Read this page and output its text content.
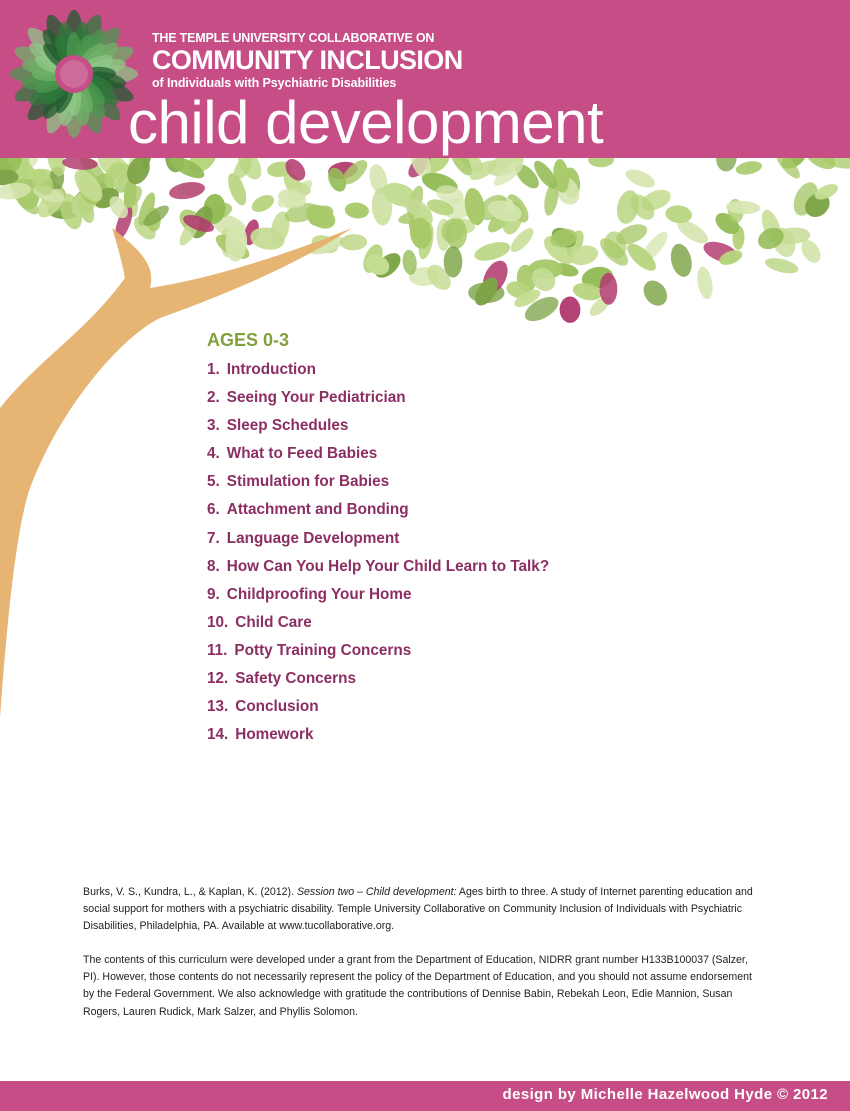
THE TEMPLE UNIVERSITY COLLABORATIVE ON
COMMUNITY INCLUSION
of Individuals with Psychiatric Disabilities
child development
AGES 0-3
1. Introduction
2. Seeing Your Pediatrician
3. Sleep Schedules
4. What to Feed Babies
5. Stimulation for Babies
6. Attachment and Bonding
7. Language Development
8. How Can You Help Your Child Learn to Talk?
9. Childproofing Your Home
10. Child Care
11. Potty Training Concerns
12. Safety Concerns
13. Conclusion
14. Homework

Burks, V. S., Kundra, L., & Kaplan, K. (2012). Session two – Child development: Ages birth to three. A study of Internet parenting education and social support for mothers with a psychiatric disability. Temple University Collaborative on Community Inclusion of Individuals with Psychiatric Disabilities, Philadelphia, PA. Available at www.tucollaborative.org.

The contents of this curriculum were developed under a grant from the Department of Education, NIDRR grant number H133B100037 (Salzer, PI). However, those contents do not necessarily represent the policy of the Department of Education, and you should not assume endorsement by the Federal Government. We also acknowledge with gratitude the contributions of Dennise Babin, Rebekah Leon, Edie Mannion, Susan Rogers, Lauren Rudick, Mark Salzer, and Phyllis Solomon.

design by Michelle Hazelwood Hyde © 2012
